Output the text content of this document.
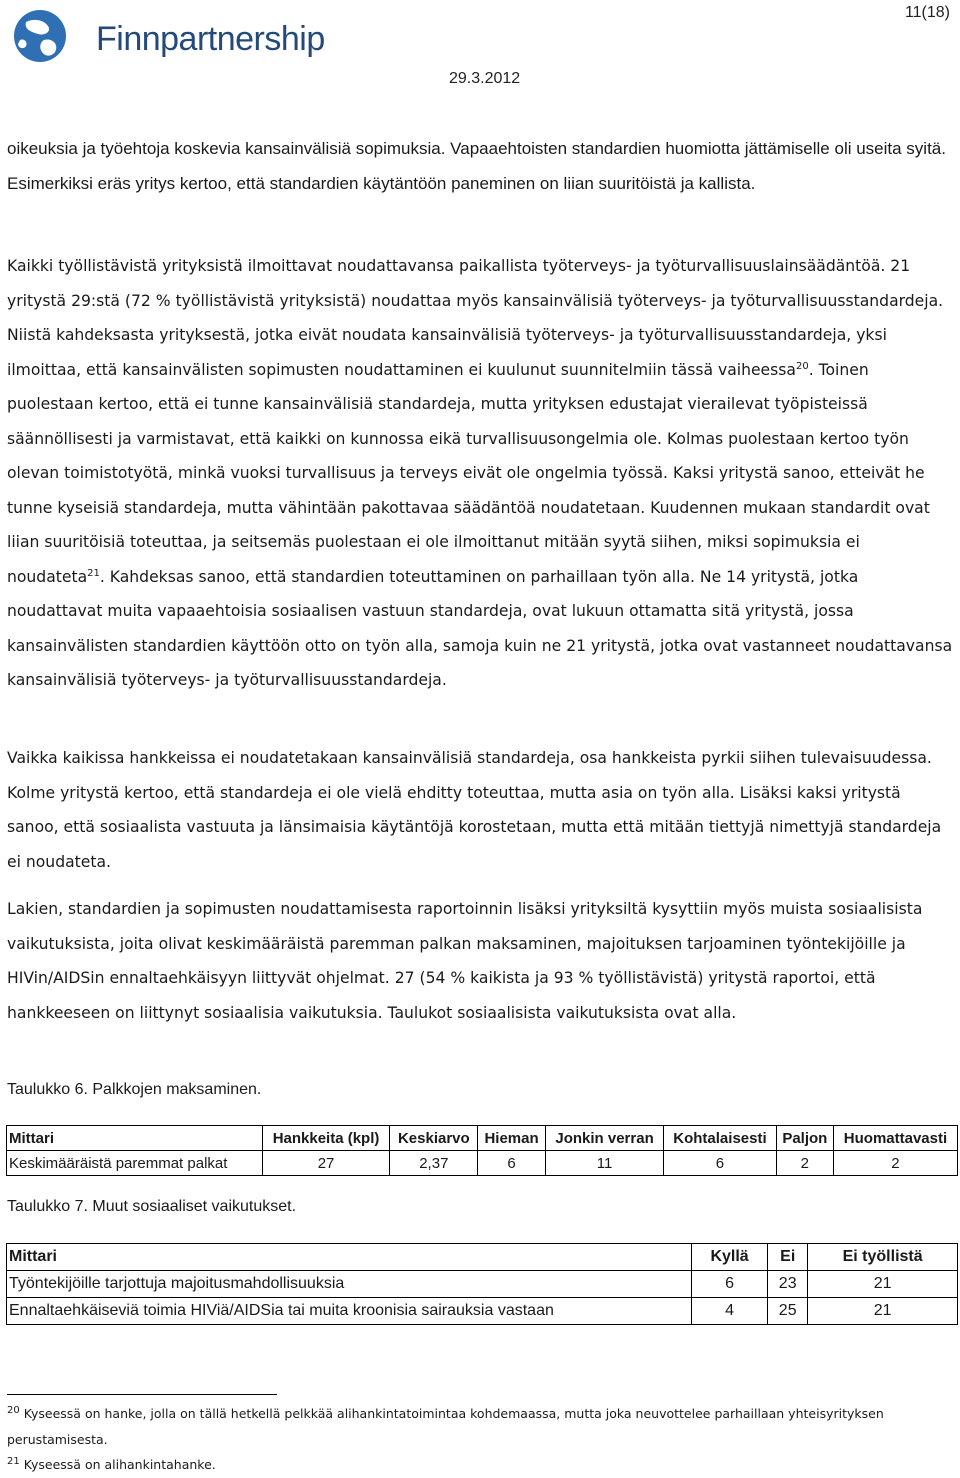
Finnpartnership
11(18)
29.3.2012

oikeuksia ja työehtoja koskevia kansainvälisiä sopimuksia. Vapaaehtoisten standardien huomiotta jättämiselle oli useita syitä. Esimerkiksi eräs yritys kertoo, että standardien käytäntöön paneminen on liian suuritöistä ja kallista.

Kaikki työllistävistä yrityksistä ilmoittavat noudattavansa paikallista työterveys- ja työturvallisuuslainsäädäntöä. 21 yritystä 29:stä (72 % työllistävistä yrityksistä) noudattaa myös kansainvälisiä työterveys- ja työturvallisuusstandardeja. Niistä kahdeksasta yrityksestä, jotka eivät noudata kansainvälisiä työterveys- ja työturvallisuusstandardeja, yksi ilmoittaa, että kansainvälisten sopimusten noudattaminen ei kuulunut suunnitelmiin tässä vaiheessa$^{20}$. Toinen puolestaan kertoo, että ei tunne kansainvälisiä standardeja, mutta yrityksen edustajat vierailevat työpisteissä säännöllisesti ja varmistavat, että kaikki on kunnossa eikä turvallisuusongelmia ole. Kolmas puolestaan kertoo työn olevan toimistotyötä, minkä vuoksi turvallisuus ja terveys eivät ole ongelmia työssä. Kaksi yritystä sanoo, etteivät he tunne kyseisiä standardeja, mutta vähintään pakottavaa säädäntöä noudatetaan. Kuudennen mukaan standardit ovat liian suuritöisiä toteuttaa, ja seitsemäs puolestaan ei ole ilmoittanut mitään syytä siihen, miksi sopimuksia ei noudateta$^{21}$. Kahdeksas sanoo, että standardien toteuttaminen on parhaillaan työn alla. Ne 14 yritystä, jotka noudattavat muita vapaaehtoisia sosiaalisen vastuun standardeja, ovat lukuun ottamatta sitä yritystä, jossa kansainvälisten standardien käyttöön otto on työn alla, samoja kuin ne 21 yritystä, jotka ovat vastanneet noudattavansa kansainvälisiä työterveys- ja työturvallisuusstandardeja.

Vaikka kaikissa hankkeissa ei noudatetakaan kansainvälisiä standardeja, osa hankkeista pyrkii siihen tulevaisuudessa. Kolme yritystä kertoo, että standardeja ei ole vielä ehditty toteuttaa, mutta asia on työn alla. Lisäksi kaksi yritystä sanoo, että sosiaalista vastuuta ja länsimaisia käytäntöjä korostetaan, mutta että mitään tiettyjä nimettyjä standardeja ei noudateta.

Lakien, standardien ja sopimusten noudattamisesta raportoinnin lisäksi yrityksiltä kysyttiin myös muista sosiaalisista vaikutuksista, joita olivat keskimääräistä paremman palkan maksaminen, majoituksen tarjoaminen työntekijöille ja HIVin/AIDSin ennaltaehkäisyyn liittyvät ohjelmat. 27 (54 % kaikista ja 93 % työllistävistä) yritystä raportoi, että hankkeeseen on liittynyt sosiaalisia vaikutuksia. Taulukot sosiaalisista vaikutuksista ovat alla.

Taulukko 6. Palkkojen maksaminen.

Mittari	Hankkeita (kpl)	Keskiarvo	Hieman	Jonkin verran	Kohtalaisesti	Paljon	Huomattavasti
Keskimääräistä paremmat palkat	27	2,37	6	11	6	2	2

Taulukko 7. Muut sosiaaliset vaikutukset.

Mittari	Kyllä	Ei	Ei työllistä
Työntekijöille tarjottuja majoitusmahdollisuuksia	6	23	21
Ennaltaehkäiseviä toimia HIViä/AIDSia tai muita kroonisia sairauksia vastaan	4	25	21

$^{20}$ Kyseessä on hanke, jolla on tällä hetkellä pelkkää alihankintatoimintaa kohdemaassa, mutta joka neuvottelee parhaillaan yhteisyrityksen perustamisesta.

$^{21}$ Kyseessä on alihankintahanke.
